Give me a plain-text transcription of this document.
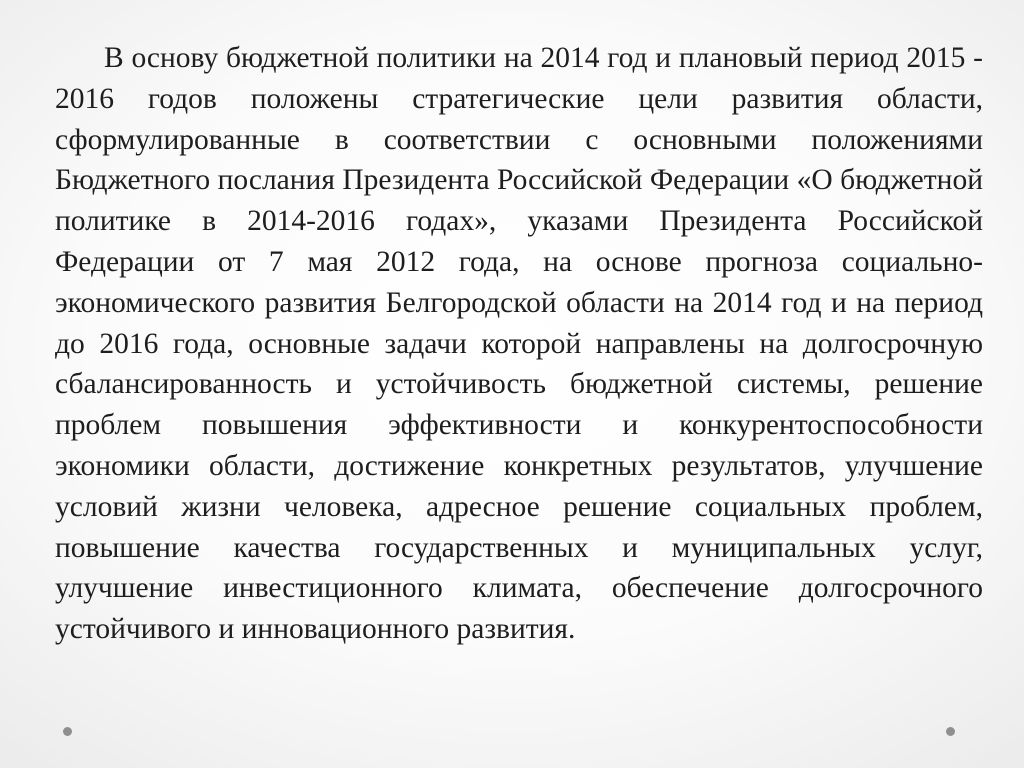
В основу бюджетной политики на 2014 год и плановый период 2015 - 2016 годов положены стратегические цели развития области, сформулированные в соответствии с основными положениями Бюджетного послания Президента Российской Федерации «О бюджетной политике в 2014-2016 годах», указами Президента Российской Федерации от 7 мая 2012 года, на основе прогноза социально-экономического развития Белгородской области на 2014 год и на период до 2016 года, основные задачи которой направлены на долгосрочную сбалансированность и устойчивость бюджетной системы, решение проблем повышения эффективности и конкурентоспособности экономики области, достижение конкретных результатов, улучшение условий жизни человека, адресное решение социальных проблем, повышение качества государственных и муниципальных услуг, улучшение инвестиционного климата, обеспечение долгосрочного устойчивого и инновационного развития.
